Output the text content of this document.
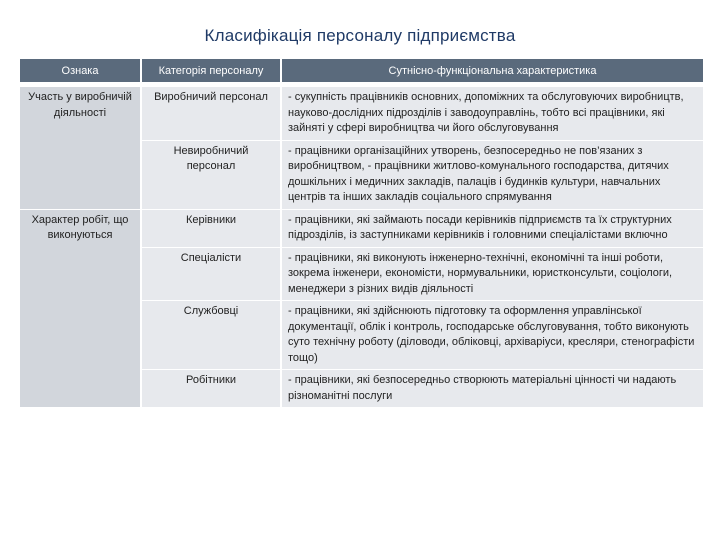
Класифікація персоналу підприємства
Ознака	Категорія персоналу	Сутнісно-функціональна характеристика

Участь у виробничій діяльності	Виробничий персонал	- сукупність працівників основних, допоміжних та обслуговуючих виробництв, науково-дослідних підрозділів і заводоуправлінь, тобто всі працівники, які зайняті у сфері виробництва чи його обслуговування
	Невиробничий персонал	- працівники організаційних утворень, безпосередньо не пов’язаних з виробництвом, - працівники житлово-комунального господарства, дитячих дошкільних і медичних закладів, палаців і будинків культури, навчальних центрів та інших закладів соціального спрямування
Характер робіт, що виконуються	Керівники	- працівники, які займають посади керівників підприємств та їх структурних підрозділів, із заступниками керівників і головними спеціалістами включно
	Спеціалісти	- працівники, які виконують інженерно-технічні, економічні та інші роботи, зокрема інженери, економісти, нормувальники, юристконсульти, соціологи, менеджери з різних видів діяльності
	Службовці	- працівники, які здійснюють підготовку та оформлення управлінської документації, облік і контроль, господарське обслуговування, тобто виконують суто технічну роботу (діловоди, обліковці, архіваріуси, кресляри, стенографісти тощо)
	Робітники	- працівники, які безпосередньо створюють матеріальні цінності чи надають різноманітні послуги
